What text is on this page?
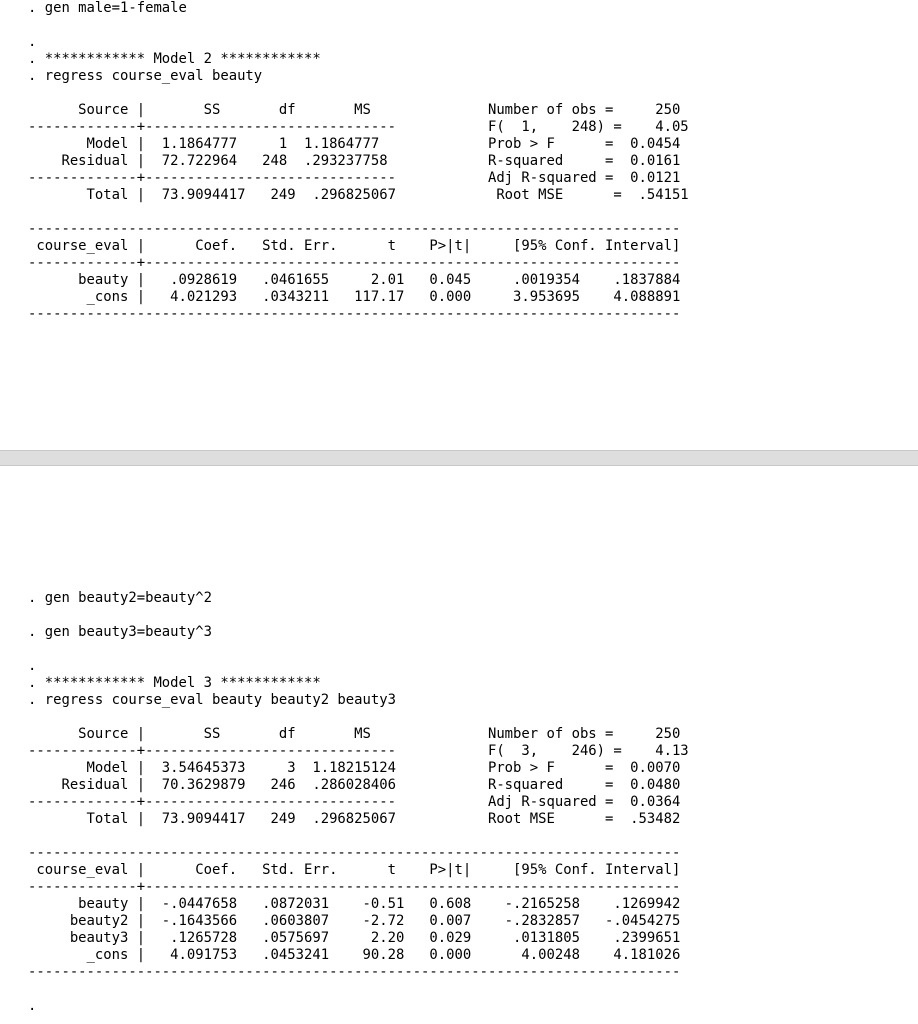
. gen male=1-female
.
. ************ Model 2 ************
. regress course_eval beauty
Source |       SS       df       MS              Number of obs =     250
-------------+------------------------------           F(  1,    248) =    4.05
Model |  1.1864777     1  1.1864777             Prob > F      =  0.0454
Residual |  72.722964   248  .293237758            R-squared     =  0.0161
-------------+------------------------------           Adj R-squared =  0.0121
Total |  73.9094417   249  .296825067            Root MSE      =  .54151
------------------------------------------------------------------------------
course_eval |      Coef.   Std. Err.      t    P>|t|     [95% Conf. Interval]
-------------+----------------------------------------------------------------
beauty |   .0928619   .0461655     2.01   0.045     .0019354    .1837884
_cons |   4.021293   .0343211   117.17   0.000     3.953695    4.088891
------------------------------------------------------------------------------
. gen beauty2=beauty^2
. gen beauty3=beauty^3
.
. ************ Model 3 ************
. regress course_eval beauty beauty2 beauty3
Source |       SS       df       MS              Number of obs =     250
-------------+------------------------------           F(  3,    246) =    4.13
Model |  3.54645373     3  1.18215124           Prob > F      =  0.0070
Residual |  70.3629879   246  .286028406           R-squared     =  0.0480
-------------+------------------------------           Adj R-squared =  0.0364
Total |  73.9094417   249  .296825067           Root MSE      =  .53482
------------------------------------------------------------------------------
course_eval |      Coef.   Std. Err.      t    P>|t|     [95% Conf. Interval]
-------------+----------------------------------------------------------------
beauty |  -.0447658   .0872031    -0.51   0.608    -.2165258    .1269942
beauty2 |  -.1643566   .0603807    -2.72   0.007    -.2832857   -.0454275
beauty3 |   .1265728   .0575697     2.20   0.029     .0131805    .2399651
_cons |   4.091753   .0453241    90.28   0.000      4.00248    4.181026
------------------------------------------------------------------------------
.
